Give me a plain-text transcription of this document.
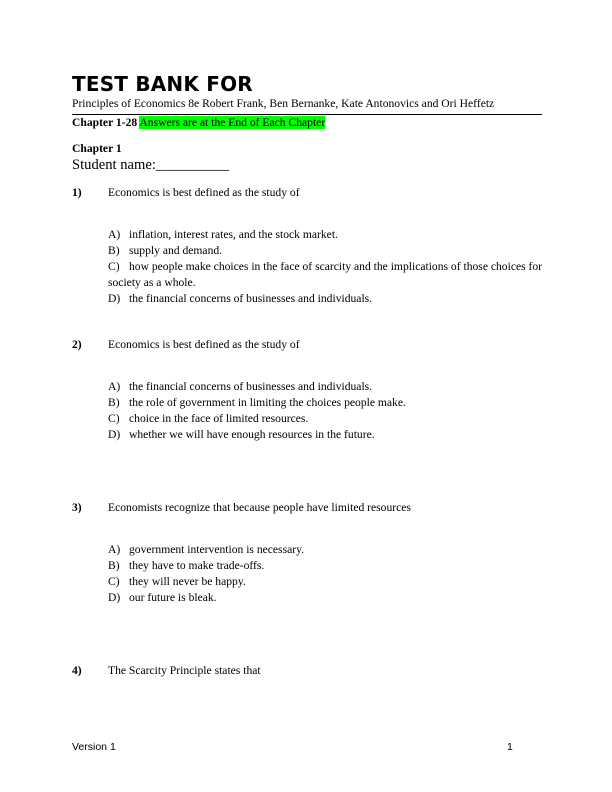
TEST BANK FOR
Principles of Economics 8e Robert Frank, Ben Bernanke, Kate Antonovics and Ori Heffetz
Chapter 1-28 Answers are at the End of Each Chapter
Chapter 1
Student name:__________
1) Economics is best defined as the study of
A) inflation, interest rates, and the stock market.
B) supply and demand.
C) how people make choices in the face of scarcity and the implications of those choices for society as a whole.
D) the financial concerns of businesses and individuals.
2) Economics is best defined as the study of
A) the financial concerns of businesses and individuals.
B) the role of government in limiting the choices people make.
C) choice in the face of limited resources.
D) whether we will have enough resources in the future.
3) Economists recognize that because people have limited resources
A) government intervention is necessary.
B) they have to make trade-offs.
C) they will never be happy.
D) our future is bleak.
4) The Scarcity Principle states that
Version 1	1
